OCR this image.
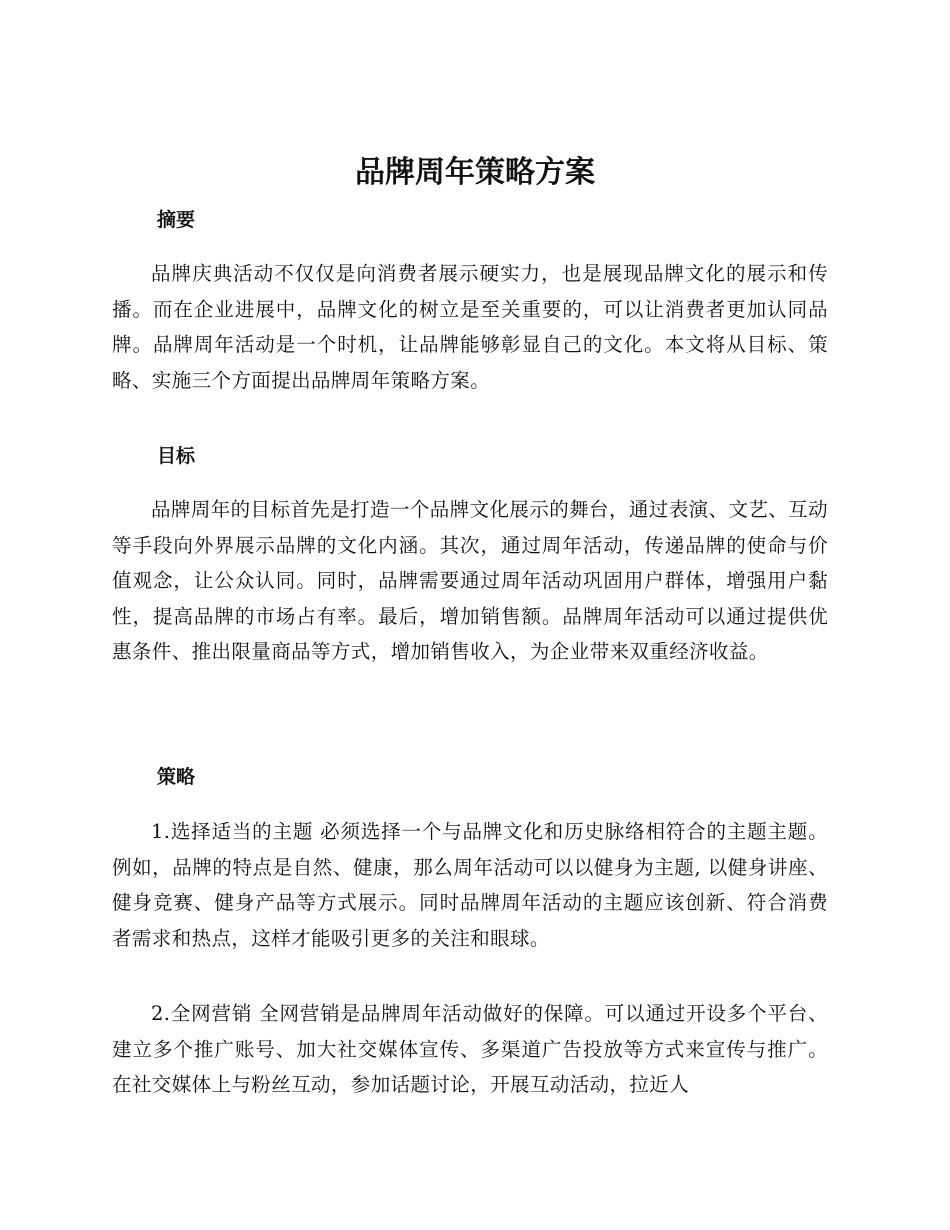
品牌周年策略方案
摘要

品牌庆典活动不仅仅是向消费者展示硬实力，也是展现品牌文化的展示和传播。而在企业进展中，品牌文化的树立是至关重要的，可以让消费者更加认同品牌。品牌周年活动是一个时机，让品牌能够彰显自己的文化。本文将从目标、策略、实施三个方面提出品牌周年策略方案。

目标

品牌周年的目标首先是打造一个品牌文化展示的舞台，通过表演、文艺、互动等手段向外界展示品牌的文化内涵。其次，通过周年活动，传递品牌的使命与价值观念，让公众认同。同时，品牌需要通过周年活动巩固用户群体，增强用户黏性，提高品牌的市场占有率。最后，增加销售额。品牌周年活动可以通过提供优惠条件、推出限量商品等方式，增加销售收入，为企业带来双重经济收益。

策略

1.选择适当的主题 必须选择一个与品牌文化和历史脉络相符合的主题主题。例如，品牌的特点是自然、健康，那么周年活动可以以健身为主题, 以健身讲座、健身竞赛、健身产品等方式展示。同时品牌周年活动的主题应该创新、符合消费者需求和热点，这样才能吸引更多的关注和眼球。

2.全网营销 全网营销是品牌周年活动做好的保障。可以通过开设多个平台、建立多个推广账号、加大社交媒体宣传、多渠道广告投放等方式来宣传与推广。在社交媒体上与粉丝互动，参加话题讨论，开展互动活动，拉近人
